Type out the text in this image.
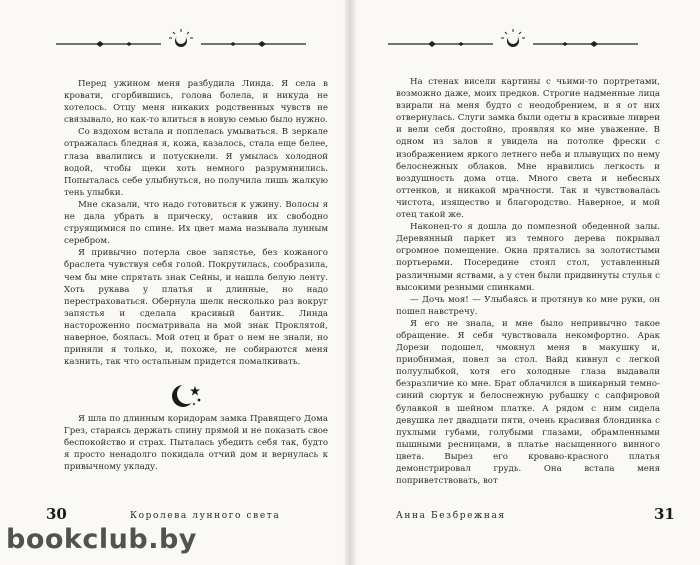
Перед ужином меня разбудила Линда. Я села в кровати, сгорбившись, голова болела, и никуда не хотелось. Отцу меня никаких родственных чувств не связывало, но как-то влиться в новую семью было нужно.

Со вздохом встала и поплелась умываться. В зеркале отражалась бледная я, кожа, казалось, стала еще белее, глаза ввалились и потускнели. Я умылась холодной водой, чтобы щеки хоть немного разрумянились. Попыталась себе улыбнуться, но получила лишь жалкую тень улыбки.

Мне сказали, что надо готовиться к ужину. Волосы я не дала убрать в прическу, оставив их свободно струящимися по спине. Их цвет мама называла лунным серебром.

Я привычно потерла свое запястье, без кожаного браслета чувствуя себя голой. Покрутилась, сообразила, чем бы мне спрятать знак Сейны, и нашла белую ленту. Хоть рукава у платья и длинные, но надо перестраховаться. Обернула шелк несколько раз вокруг запястья и сделала красивый бантик. Линда настороженно посматривала на мой знак Проклятой, наверное, боялась. Мой отец и брат о нем не знали, но приняли я только, и, похоже, не собираются меня казнить, так что остальным придется помалкивать.

Я шла по длинным коридорам замка Правящего Дома Грез, стараясь держать спину прямой и не показать свое беспокойство и страх. Пыталась убедить себя так, будто я просто ненадолго покидала отчий дом и вернулась к привычному укладу.

На стенах висели картины с чьими-то портретами, возможно даже, моих предков. Строгие надменные лица взирали на меня будто с неодобрением, и я от них отвернулась. Слуги замка были одеты в красивые ливреи и вели себя достойно, проявляя ко мне уважение. В одном из залов я увидела на потолке фрески с изображением яркого летнего неба и плывущих по нему белоснежных облаков. Мне нравились легкость и воздушность дома отца. Много света и небесных оттенков, и никакой мрачности. Так и чувствовалась чистота, изящество и благородство. Наверное, и мой отец такой же.

Наконец-то я дошла до помпезной обеденной залы. Деревянный паркет из темного дерева покрывал огромное помещение. Окна прятались за золотистыми портьерами. Посередине стоял стол, уставленный различными яствами, а у стен были придвинуты стулья с высокими резными спинками.

— Дочь моя! — Улыбаясь и протянув ко мне руки, он пошел навстречу.

Я его не знала, и мне было непривычно такое обращение. Я себя чувствовала некомфортно. Арак Дорези подошел, чмокнул меня в макушку и, приобнимая, повел за стол. Вайд кивнул с легкой полуулыбкой, хотя его холодные глаза выдавали безразличие ко мне. Брат облачился в шикарный темно-синий сюртук и белоснежную рубашку с сапфировой булавкой в шейном платке. А рядом с ним сидела девушка лет двадцати пяти, очень красивая блондинка с пухлыми губами, голубыми глазами, обрамленными пышными ресницами, в платье насыщенного винного цвета. Вырез его кроваво-красного платья демонстрировал грудь. Она встала меня поприветствовать, вот

30	Королева лунного света	Анна Безбрежная	31
bookclub.by
